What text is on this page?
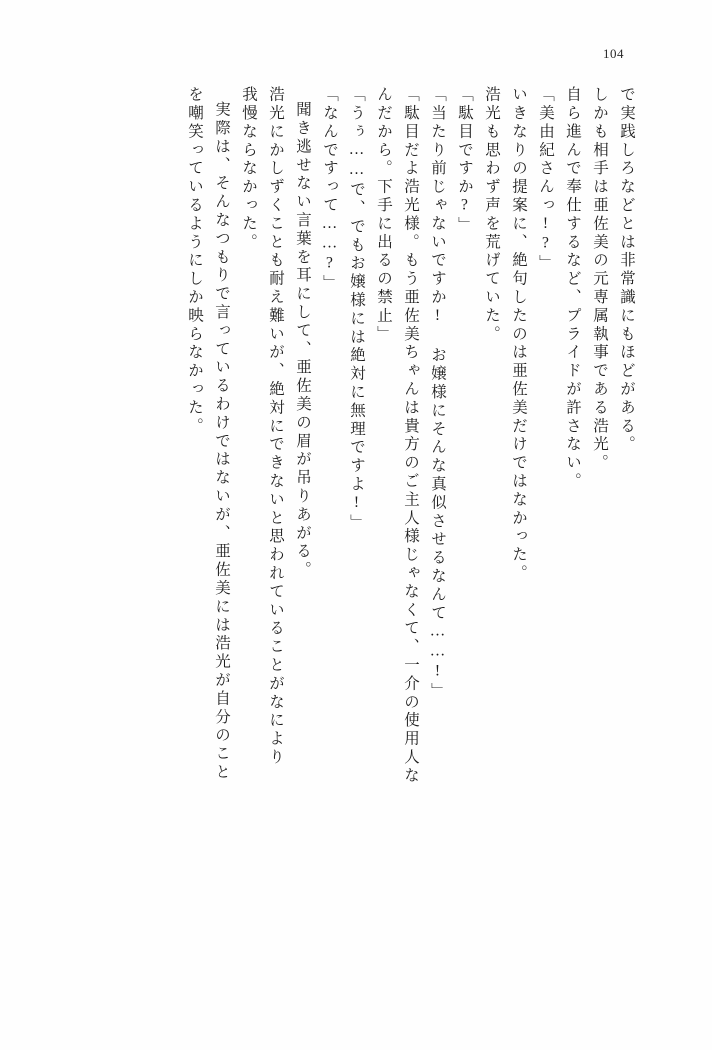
104
で実践しろなどとは非常識にもほどがある。
しかも相手は亜佐美の元専属執事である浩光。
自ら進んで奉仕するなど、プライドが許さない。
「美由紀さんっ!?」
いきなりの提案に、絶句したのは亜佐美だけではなかった。
浩光も思わず声を荒げていた。
「駄目ですか?」
「当たり前じゃないですか! お嬢様にそんな真似させるなんて……!」
「駄目だよ浩光様。もう亜佐美ちゃんは貴方のご主人様じゃなくて、一介の使用人な
んだから。下手に出るの禁止」
「うぅ……で、でもお嬢様には絶対に無理ですよ!」
「なんですって……?」
聞き逃せない言葉を耳にして、亜佐美の眉が吊りあがる。
浩光にかしずくことも耐え難いが、絶対にできないと思われていることがなにより
我慢ならなかった。
実際は、そんなつもりで言っているわけではないが、亜佐美には浩光が自分のこと
を嘲笑っているようにしか映らなかった。
